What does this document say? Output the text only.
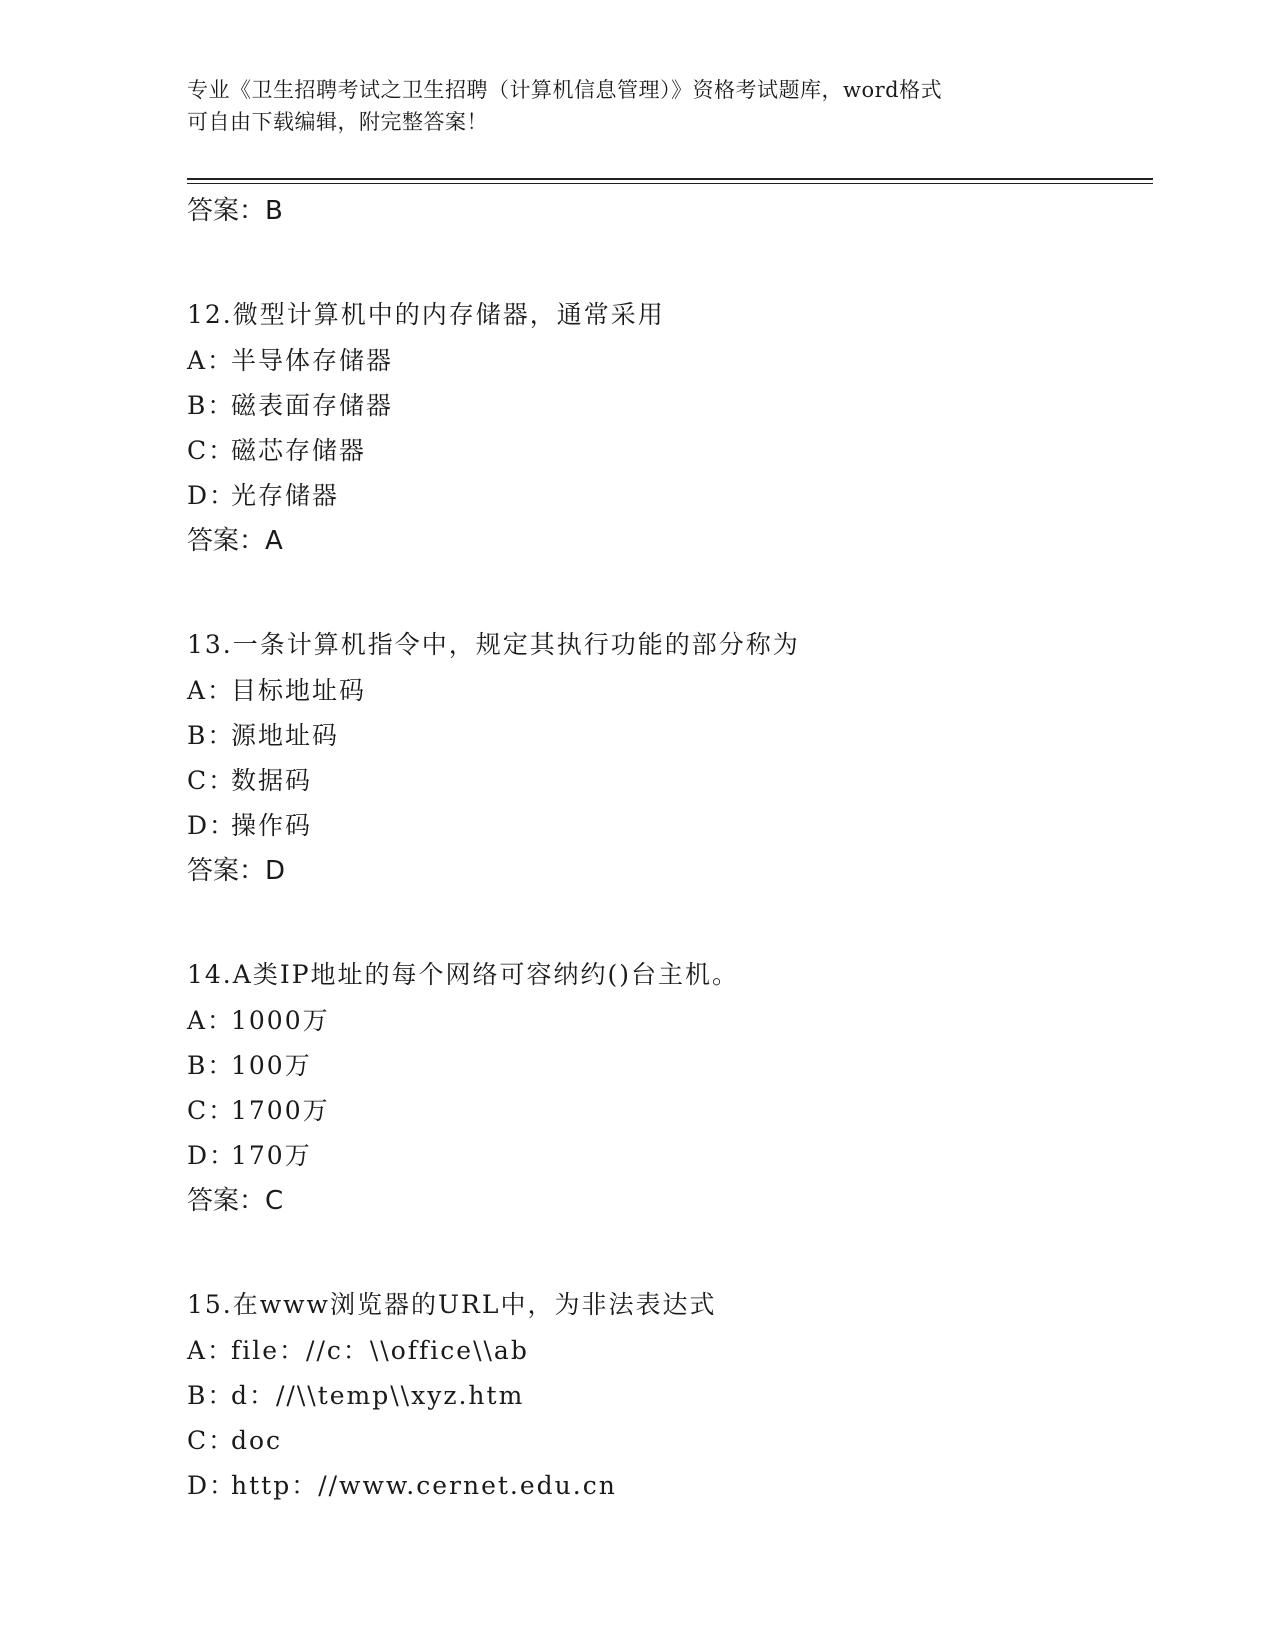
专业《卫生招聘考试之卫生招聘（计算机信息管理）》资格考试题库，word格式
可自由下载编辑，附完整答案！
答案：B
12.微型计算机中的内存储器，通常采用
A：半导体存储器
B：磁表面存储器
C：磁芯存储器
D：光存储器
答案：A
13.一条计算机指令中，规定其执行功能的部分称为
A：目标地址码
B：源地址码
C：数据码
D：操作码
答案：D
14.A类IP地址的每个网络可容纳约()台主机。
A：1000万
B：100万
C：1700万
D：170万
答案：C
15.在www浏览器的URL中，为非法表达式
A：file：//c：\\office\\ab
B：d：//\\temp\\xyz.htm
C：doc
D：http：//www.cernet.edu.cn
